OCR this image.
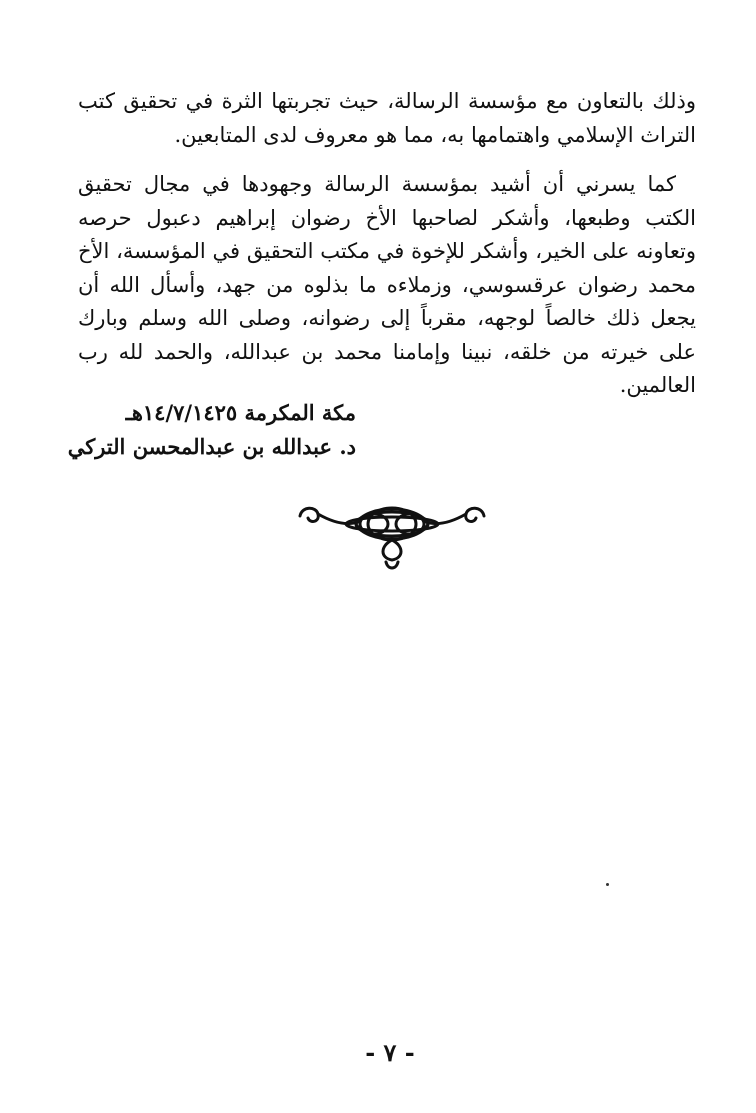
وذلك بالتعاون مع مؤسسة الرسالة، حيث تجربتها الثرة في تحقيق كتب التراث الإسلامي واهتمامها به، مما هو معروف لدى المتابعين.

كما يسرني أن أشيد بمؤسسة الرسالة وجهودها في مجال تحقيق الكتب وطبعها، وأشكر لصاحبها الأخ رضوان إبراهيم دعبول حرصه وتعاونه على الخير، وأشكر للإخوة في مكتب التحقيق في المؤسسة، الأخ محمد رضوان عرقسوسي، وزملاءه ما بذلوه من جهد، وأسأل الله أن يجعل ذلك خالصاً لوجهه، مقرباً إلى رضوانه، وصلى الله وسلم وبارك على خيرته من خلقه، نبينا وإمامنا محمد بن عبدالله، والحمد لله رب العالمين.

مكة المكرمة ١٤/٧/١٤٢٥هـ
د. عبدالله بن عبدالمحسن التركي
- ٧ -
